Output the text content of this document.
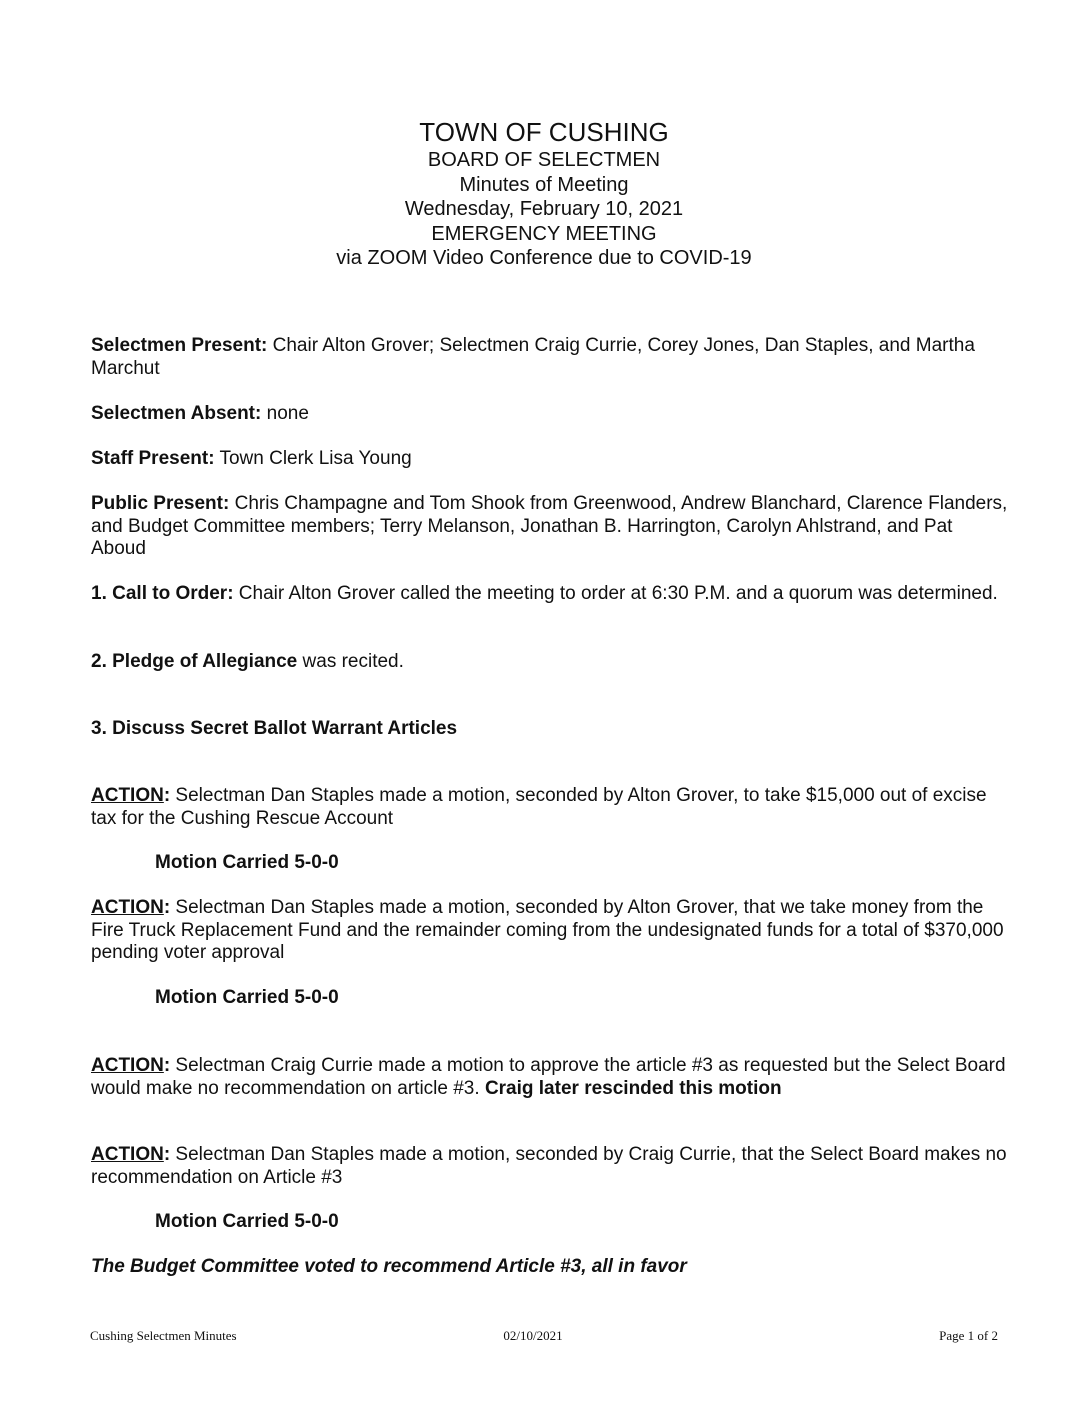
TOWN OF CUSHING
BOARD OF SELECTMEN
Minutes of Meeting
Wednesday, February 10, 2021
EMERGENCY MEETING
via ZOOM Video Conference due to COVID-19
Selectmen Present: Chair Alton Grover; Selectmen Craig Currie, Corey Jones, Dan Staples, and Martha Marchut
Selectmen Absent: none
Staff Present: Town Clerk Lisa Young
Public Present: Chris Champagne and Tom Shook from Greenwood, Andrew Blanchard, Clarence Flanders, and Budget Committee members; Terry Melanson, Jonathan B. Harrington, Carolyn Ahlstrand, and Pat Aboud
1. Call to Order: Chair Alton Grover called the meeting to order at 6:30 P.M. and a quorum was determined.
2. Pledge of Allegiance was recited.
3. Discuss Secret Ballot Warrant Articles
ACTION: Selectman Dan Staples made a motion, seconded by Alton Grover, to take $15,000 out of excise tax for the Cushing Rescue Account
Motion Carried 5-0-0
ACTION: Selectman Dan Staples made a motion, seconded by Alton Grover, that we take money from the Fire Truck Replacement Fund and the remainder coming from the undesignated funds for a total of $370,000 pending voter approval
Motion Carried 5-0-0
ACTION: Selectman Craig Currie made a motion to approve the article #3 as requested but the Select Board would make no recommendation on article #3. Craig later rescinded this motion
ACTION: Selectman Dan Staples made a motion, seconded by Craig Currie, that the Select Board makes no recommendation on Article #3
Motion Carried 5-0-0
The Budget Committee voted to recommend Article #3, all in favor
Cushing Selectmen Minutes	02/10/2021	Page 1 of 2
